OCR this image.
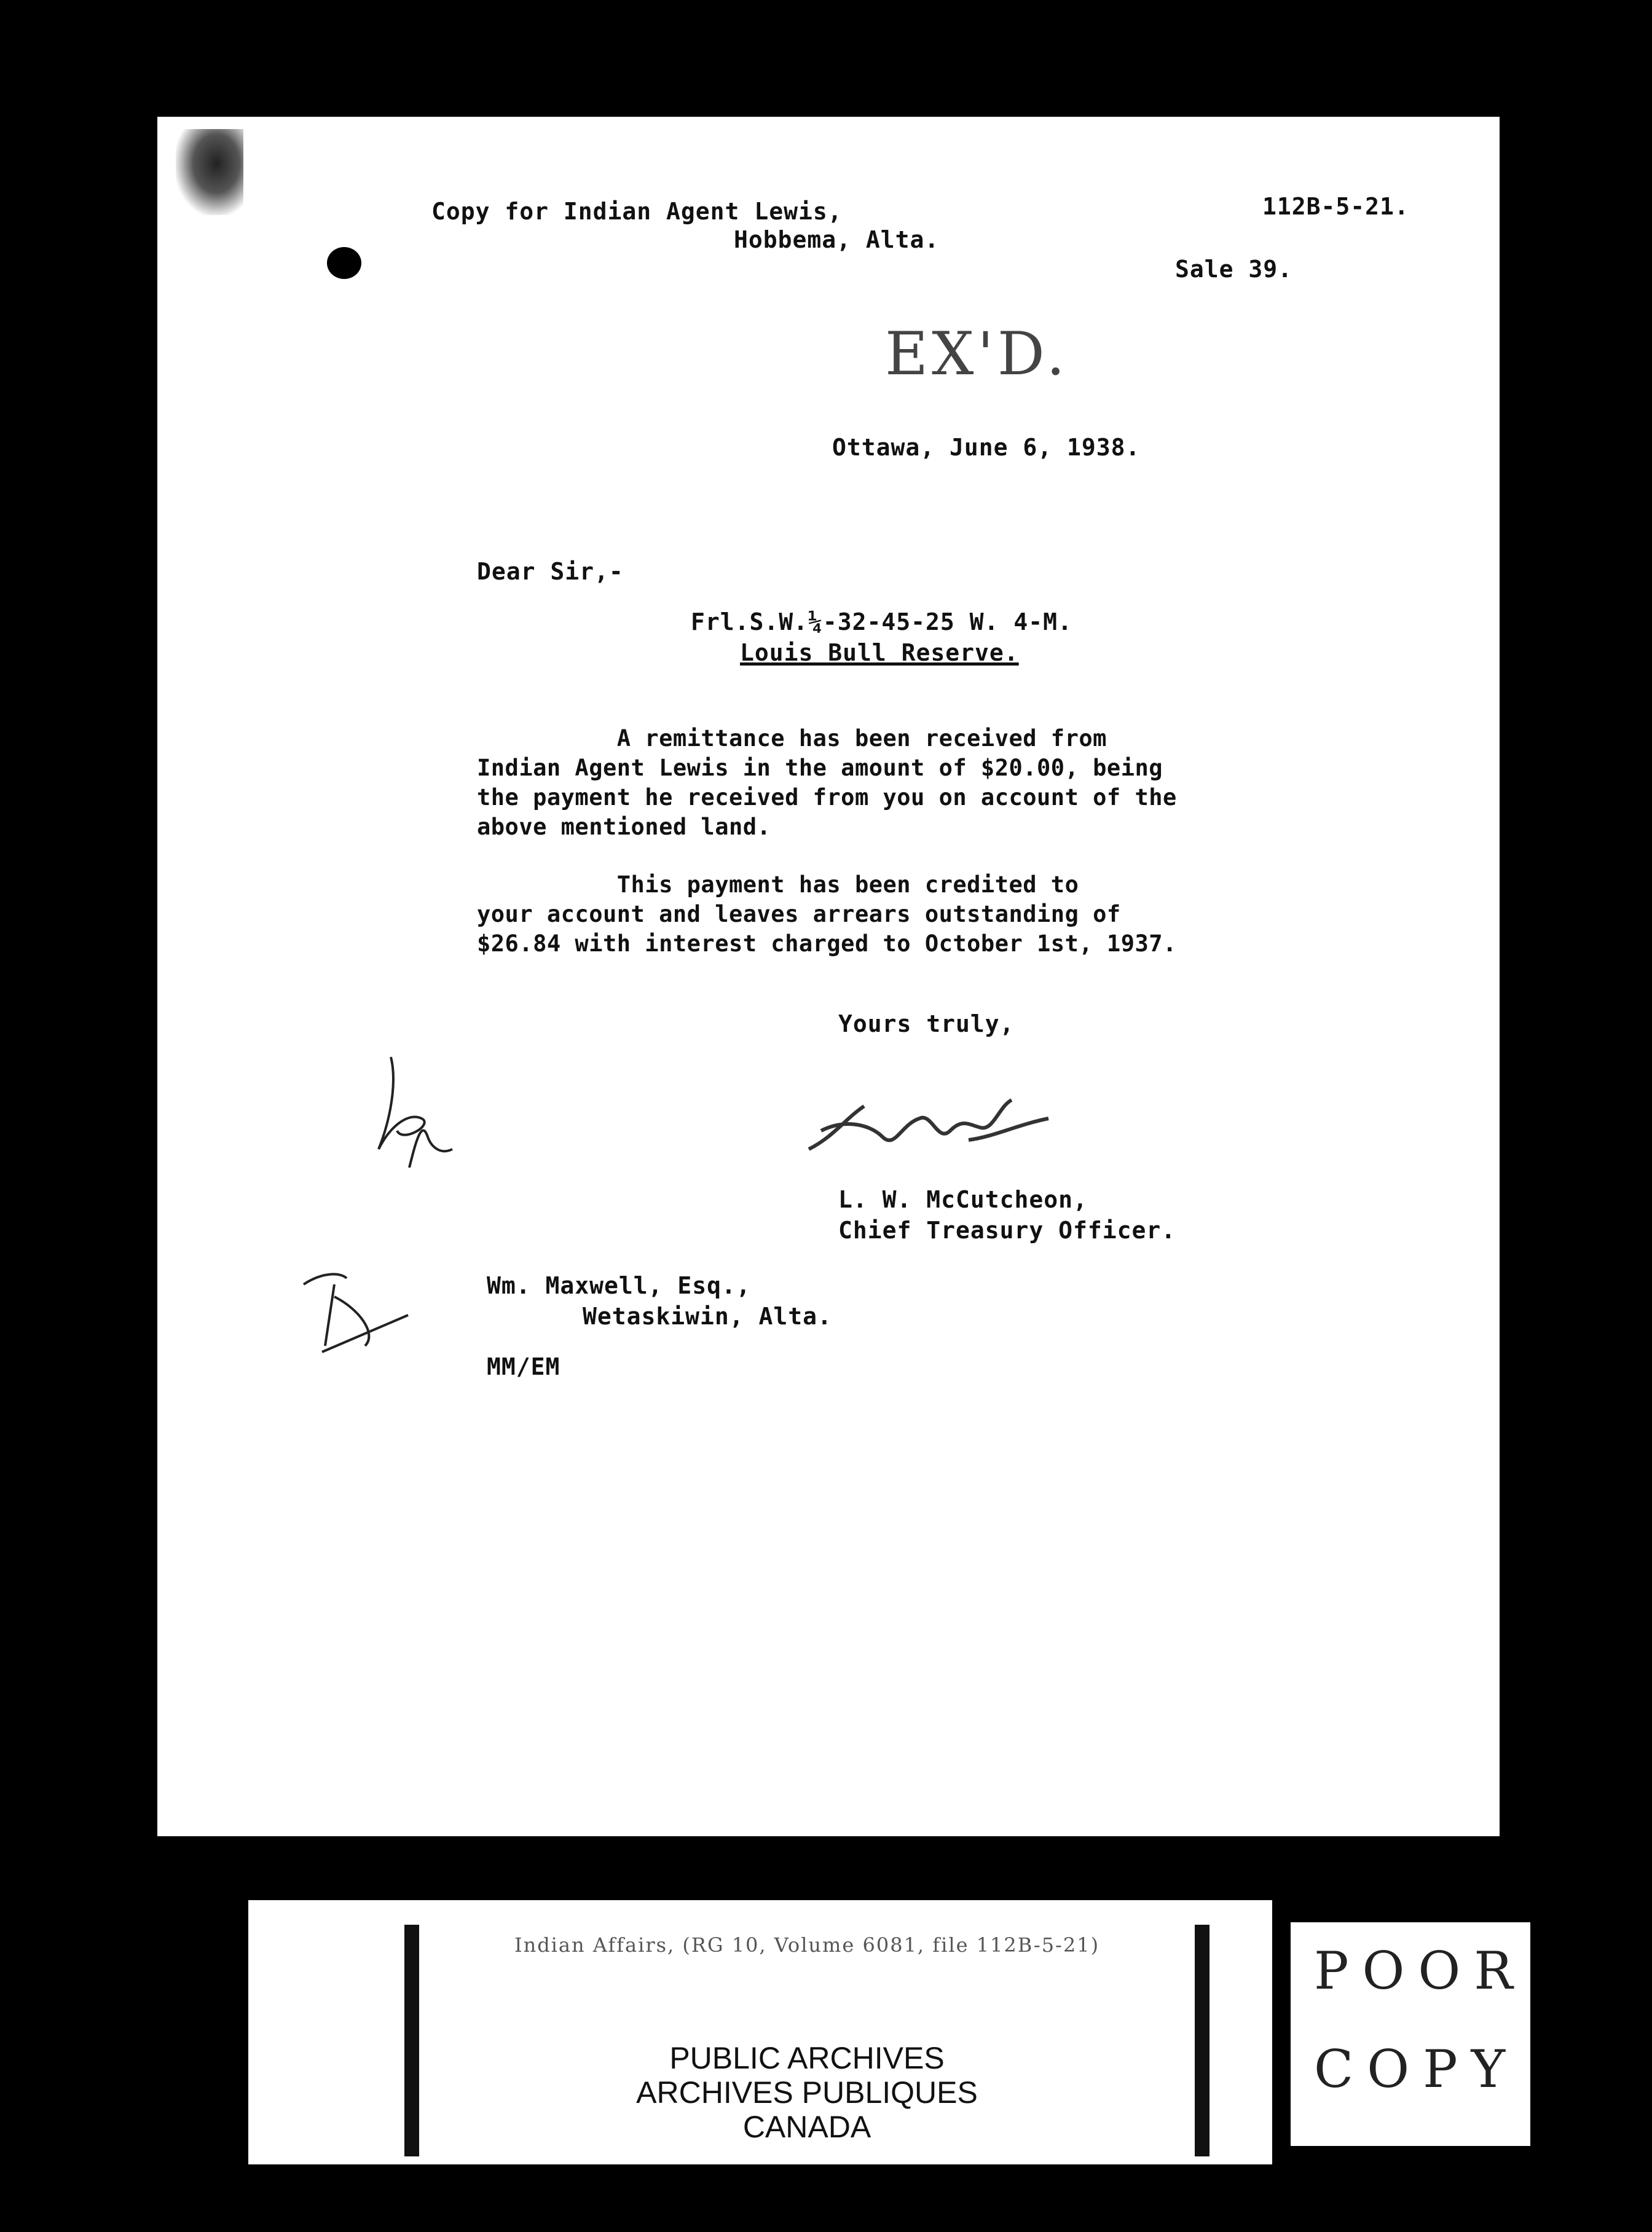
Copy for Indian Agent Lewis,
Hobbema, Alta.
112B-5-21.
Sale 39.
EX'D.
Ottawa, June 6, 1938.
Dear Sir,-
Frl.S.W.¼-32-45-25 W. 4-M.
Louis Bull Reserve.
A remittance has been received from
Indian Agent Lewis in the amount of $20.00, being
the payment he received from you on account of the
above mentioned land.
This payment has been credited to
your account and leaves arrears outstanding of
$26.84 with interest charged to October 1st, 1937.
Yours truly,
L. W. McCutcheon,
Chief Treasury Officer.
Wm. Maxwell, Esq.,
Wetaskiwin, Alta.
MM/EM
Indian Affairs, (RG 10, Volume 6081, file 112B-5-21)
PUBLIC ARCHIVES
ARCHIVES PUBLIQUES
CANADA
POOR
COPY
